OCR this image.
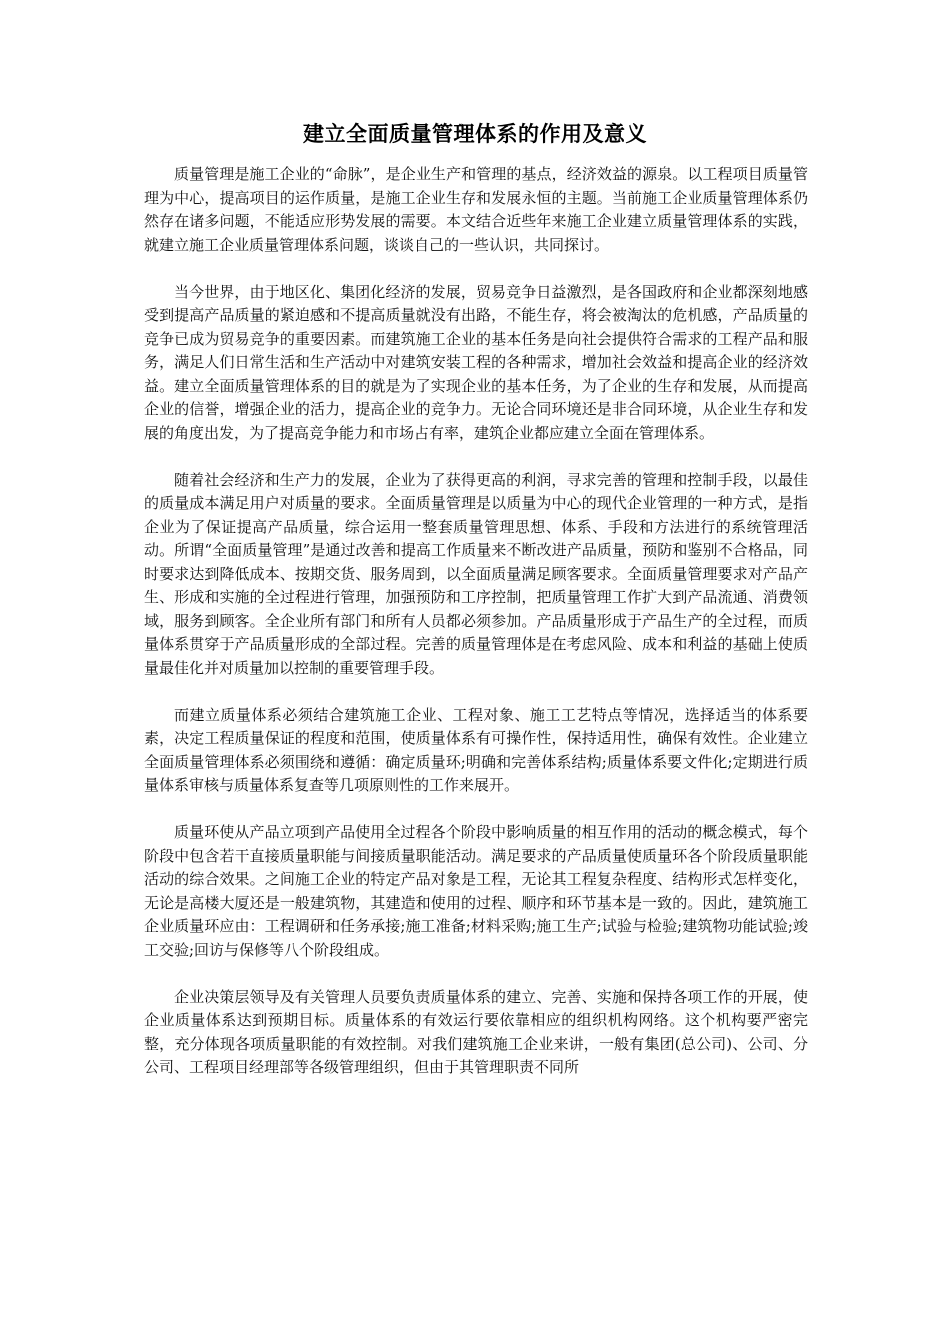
建立全面质量管理体系的作用及意义

质量管理是施工企业的“命脉”，是企业生产和管理的基点，经济效益的源泉。以工程项目质量管理为中心，提高项目的运作质量，是施工企业生存和发展永恒的主题。当前施工企业质量管理体系仍然存在诸多问题，不能适应形势发展的需要。本文结合近些年来施工企业建立质量管理体系的实践，就建立施工企业质量管理体系问题，谈谈自己的一些认识，共同探讨。

当今世界，由于地区化、集团化经济的发展，贸易竞争日益激烈，是各国政府和企业都深刻地感受到提高产品质量的紧迫感和不提高质量就没有出路，不能生存，将会被淘汰的危机感，产品质量的竞争已成为贸易竞争的重要因素。而建筑施工企业的基本任务是向社会提供符合需求的工程产品和服务，满足人们日常生活和生产活动中对建筑安装工程的各种需求，增加社会效益和提高企业的经济效益。建立全面质量管理体系的目的就是为了实现企业的基本任务，为了企业的生存和发展，从而提高企业的信誉，增强企业的活力，提高企业的竞争力。无论合同环境还是非合同环境，从企业生存和发展的角度出发，为了提高竞争能力和市场占有率，建筑企业都应建立全面在管理体系。

随着社会经济和生产力的发展，企业为了获得更高的利润，寻求完善的管理和控制手段，以最佳的质量成本满足用户对质量的要求。全面质量管理是以质量为中心的现代企业管理的一种方式，是指企业为了保证提高产品质量，综合运用一整套质量管理思想、体系、手段和方法进行的系统管理活动。所谓“全面质量管理”是通过改善和提高工作质量来不断改进产品质量，预防和鉴别不合格品，同时要求达到降低成本、按期交货、服务周到，以全面质量满足顾客要求。全面质量管理要求对产品产生、形成和实施的全过程进行管理，加强预防和工序控制，把质量管理工作扩大到产品流通、消费领域，服务到顾客。全企业所有部门和所有人员都必须参加。产品质量形成于产品生产的全过程，而质量体系贯穿于产品质量形成的全部过程。完善的质量管理体是在考虑风险、成本和利益的基础上使质量最佳化并对质量加以控制的重要管理手段。

而建立质量体系必须结合建筑施工企业、工程对象、施工工艺特点等情况，选择适当的体系要素，决定工程质量保证的程度和范围，使质量体系有可操作性，保持适用性，确保有效性。企业建立全面质量管理体系必须围绕和遵循：确定质量环;明确和完善体系结构;质量体系要文件化;定期进行质量体系审核与质量体系复查等几项原则性的工作来展开。

质量环使从产品立项到产品使用全过程各个阶段中影响质量的相互作用的活动的概念模式，每个阶段中包含若干直接质量职能与间接质量职能活动。满足要求的产品质量使质量环各个阶段质量职能活动的综合效果。之间施工企业的特定产品对象是工程，无论其工程复杂程度、结构形式怎样变化，无论是高楼大厦还是一般建筑物，其建造和使用的过程、顺序和环节基本是一致的。因此，建筑施工企业质量环应由：工程调研和任务承接;施工准备;材料采购;施工生产;试验与检验;建筑物功能试验;竣工交验;回访与保修等八个阶段组成。

企业决策层领导及有关管理人员要负责质量体系的建立、完善、实施和保持各项工作的开展，使企业质量体系达到预期目标。质量体系的有效运行要依靠相应的组织机构网络。这个机构要严密完整，充分体现各项质量职能的有效控制。对我们建筑施工企业来讲，一般有集团(总公司)、公司、分公司、工程项目经理部等各级管理组织，但由于其管理职责不同所
